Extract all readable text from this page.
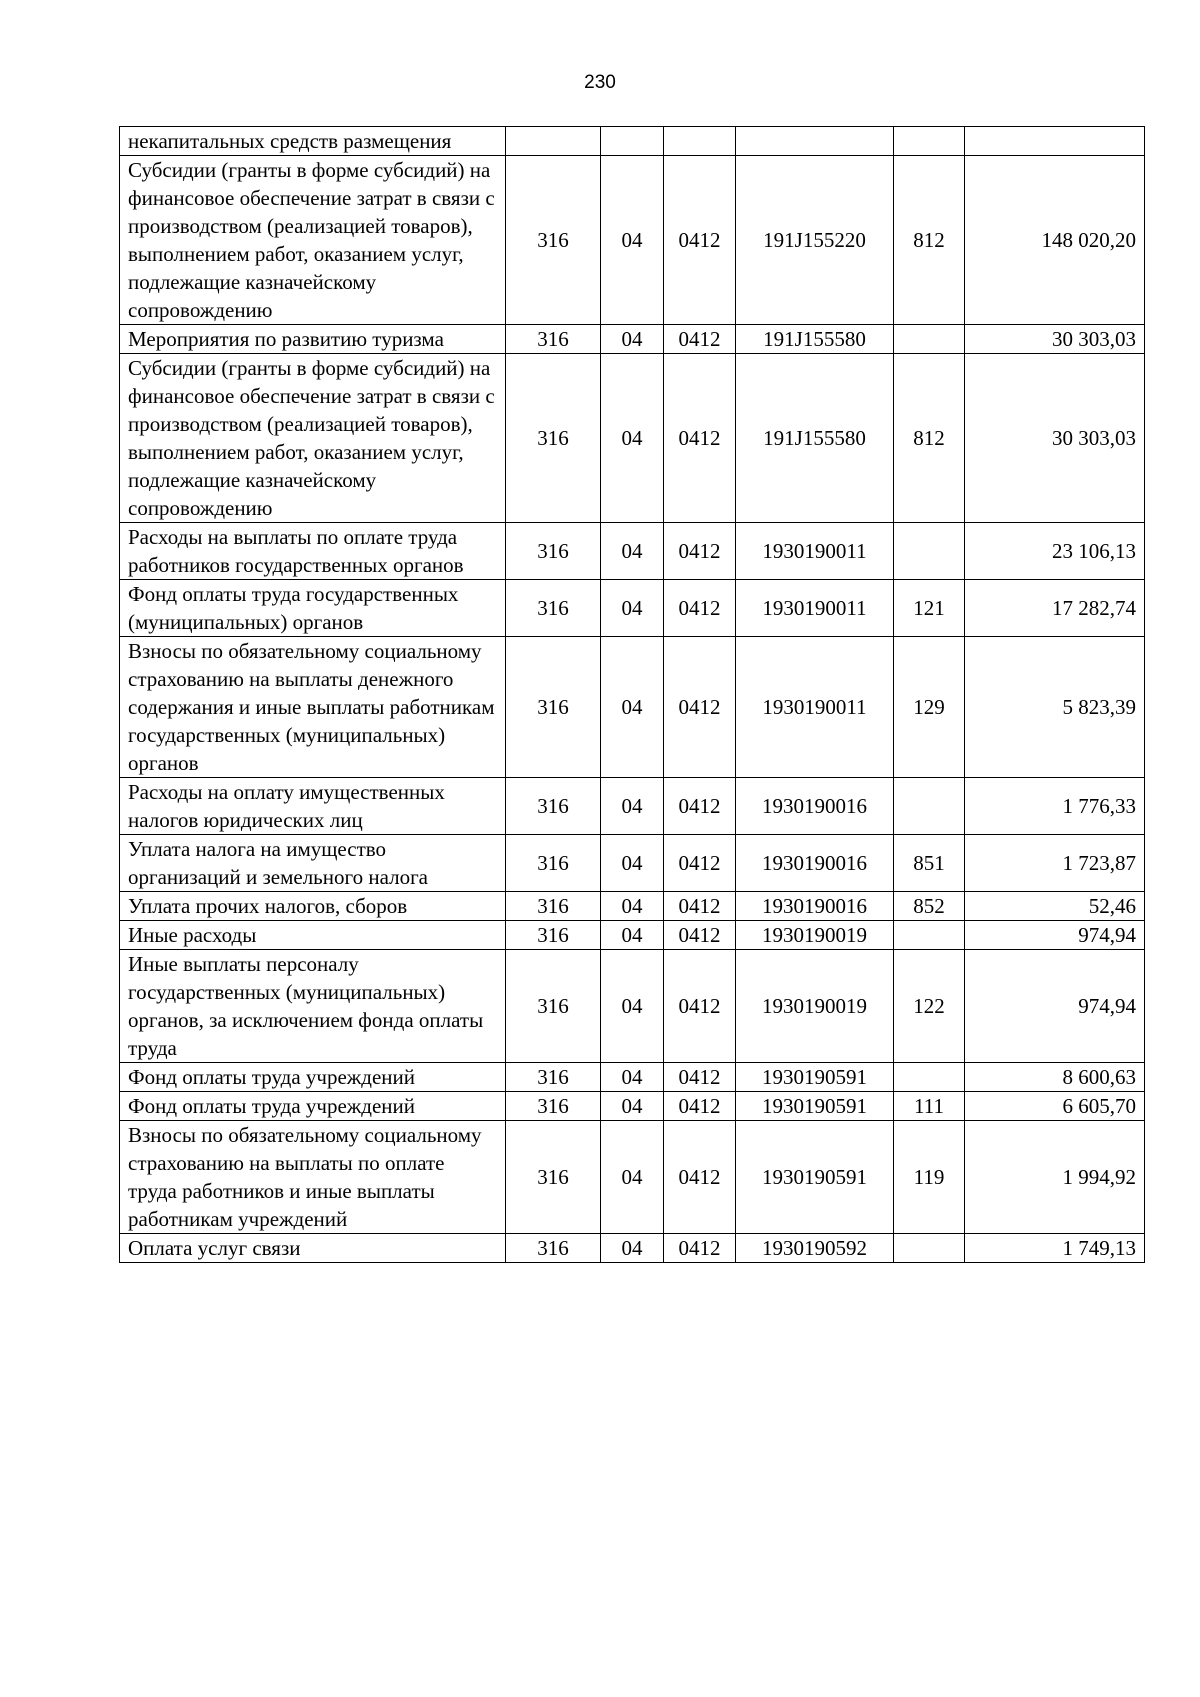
230
некапитальных средств размещения						
Субсидии (гранты в форме субсидий) на финансовое обеспечение затрат в связи с производством (реализацией товаров), выполнением работ, оказанием услуг, подлежащие казначейскому сопровождению	316	04	0412	191J155220	812	148 020,20
Мероприятия по развитию туризма	316	04	0412	191J155580		30 303,03
Субсидии (гранты в форме субсидий) на финансовое обеспечение затрат в связи с производством (реализацией товаров), выполнением работ, оказанием услуг, подлежащие казначейскому сопровождению	316	04	0412	191J155580	812	30 303,03
Расходы на выплаты по оплате труда работников государственных органов	316	04	0412	1930190011		23 106,13
Фонд оплаты труда государственных (муниципальных) органов	316	04	0412	1930190011	121	17 282,74
Взносы по обязательному социальному страхованию на выплаты денежного содержания и иные выплаты работникам государственных (муниципальных) органов	316	04	0412	1930190011	129	5 823,39
Расходы на оплату имущественных налогов юридических лиц	316	04	0412	1930190016		1 776,33
Уплата налога на имущество организаций и земельного налога	316	04	0412	1930190016	851	1 723,87
Уплата прочих налогов, сборов	316	04	0412	1930190016	852	52,46
Иные расходы	316	04	0412	1930190019		974,94
Иные выплаты персоналу государственных (муниципальных) органов, за исключением фонда оплаты труда	316	04	0412	1930190019	122	974,94
Фонд оплаты труда учреждений	316	04	0412	1930190591		8 600,63
Фонд оплаты труда учреждений	316	04	0412	1930190591	111	6 605,70
Взносы по обязательному социальному страхованию на выплаты по оплате труда работников и иные выплаты работникам учреждений	316	04	0412	1930190591	119	1 994,92
Оплата услуг связи	316	04	0412	1930190592		1 749,13
